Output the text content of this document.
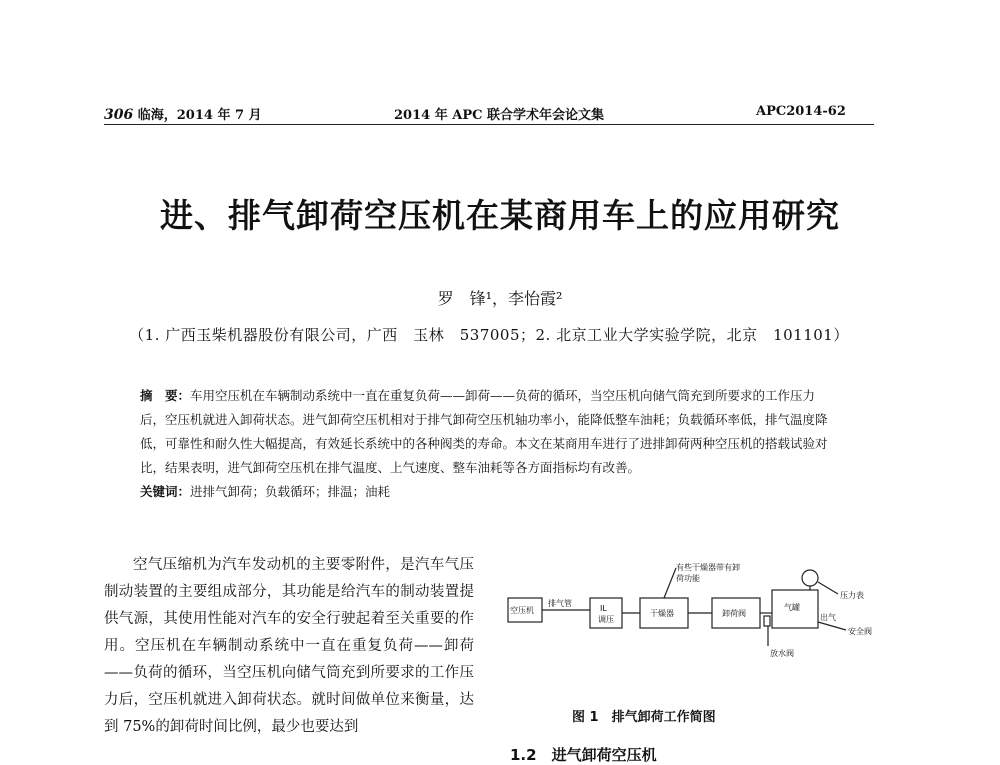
306 临海，2014 年 7 月	2014 年 APC 联合学术年会论文集	APC2014-62
进、排气卸荷空压机在某商用车上的应用研究
罗　锋¹，李怡霞²
（1. 广西玉柴机器股份有限公司，广西　玉林　537005；2. 北京工业大学实验学院，北京　101101）
摘　要：车用空压机在车辆制动系统中一直在重复负荷——卸荷——负荷的循环，当空压机向储气筒充到所要求的工作压力后，空压机就进入卸荷状态。进气卸荷空压机相对于排气卸荷空压机轴功率小，能降低整车油耗；负载循环率低，排气温度降低，可靠性和耐久性大幅提高，有效延长系统中的各种阀类的寿命。本文在某商用车进行了进排卸荷两种空压机的搭载试验对比，结果表明，进气卸荷空压机在排气温度、上气速度、整车油耗等各方面指标均有改善。
关键词：进排气卸荷；负载循环；排温；油耗
空气压缩机为汽车发动机的主要零附件，是汽车气压制动装置的主要组成部分，其功能是给汽车的制动装置提供气源，其使用性能对汽车的安全行驶起着至关重要的作用。空压机在车辆制动系统中一直在重复负荷——卸荷——负荷的循环，当空压机向储气筒充到所要求的工作压力后，空压机就进入卸荷状态。就时间做单位来衡量，达到 75%的卸荷时间比例，最少也要达到
空压机
排气管
IL
调压
干燥器	卸荷阀
气罐
有些干燥器带有卸
荷功能
压力表
安全阀
放水阀
出气
图 1　排气卸荷工作简图
1.2　进气卸荷空压机
